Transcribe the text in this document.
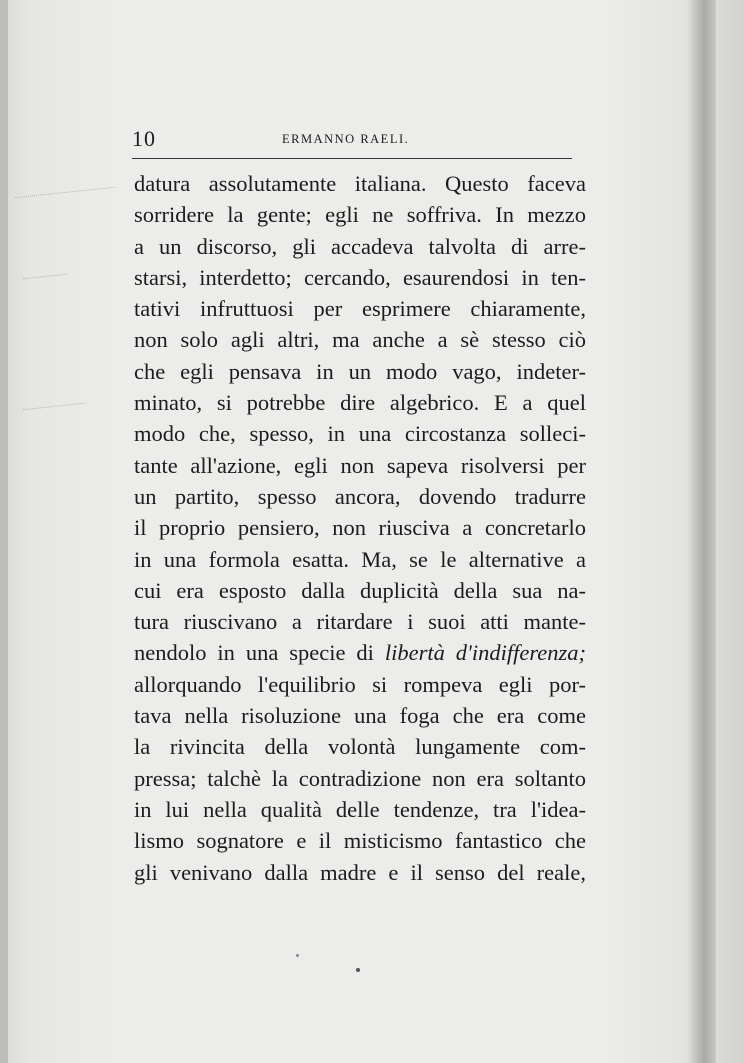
10	ERMANNO RAELI.
datura assolutamente italiana. Questo faceva
sorridere la gente; egli ne soffriva. In mezzo
a un discorso, gli accadeva talvolta di arre-
starsi, interdetto; cercando, esaurendosi in ten-
tativi infruttuosi per esprimere chiaramente,
non solo agli altri, ma anche a sè stesso ciò
che egli pensava in un modo vago, indeter-
minato, si potrebbe dire algebrico. E a quel
modo che, spesso, in una circostanza solleci-
tante all'azione, egli non sapeva risolversi per
un partito, spesso ancora, dovendo tradurre
il proprio pensiero, non riusciva a concretarlo
in una formola esatta. Ma, se le alternative a
cui era esposto dalla duplicità della sua na-
tura riuscivano a ritardare i suoi atti mante-
nendolo in una specie di libertà d'indifferenza;
allorquando l'equilibrio si rompeva egli por-
tava nella risoluzione una foga che era come
la rivincita della volontà lungamente com-
pressa; talchè la contradizione non era soltanto
in lui nella qualità delle tendenze, tra l'idea-
lismo sognatore e il misticismo fantastico che
gli venivano dalla madre e il senso del reale,
